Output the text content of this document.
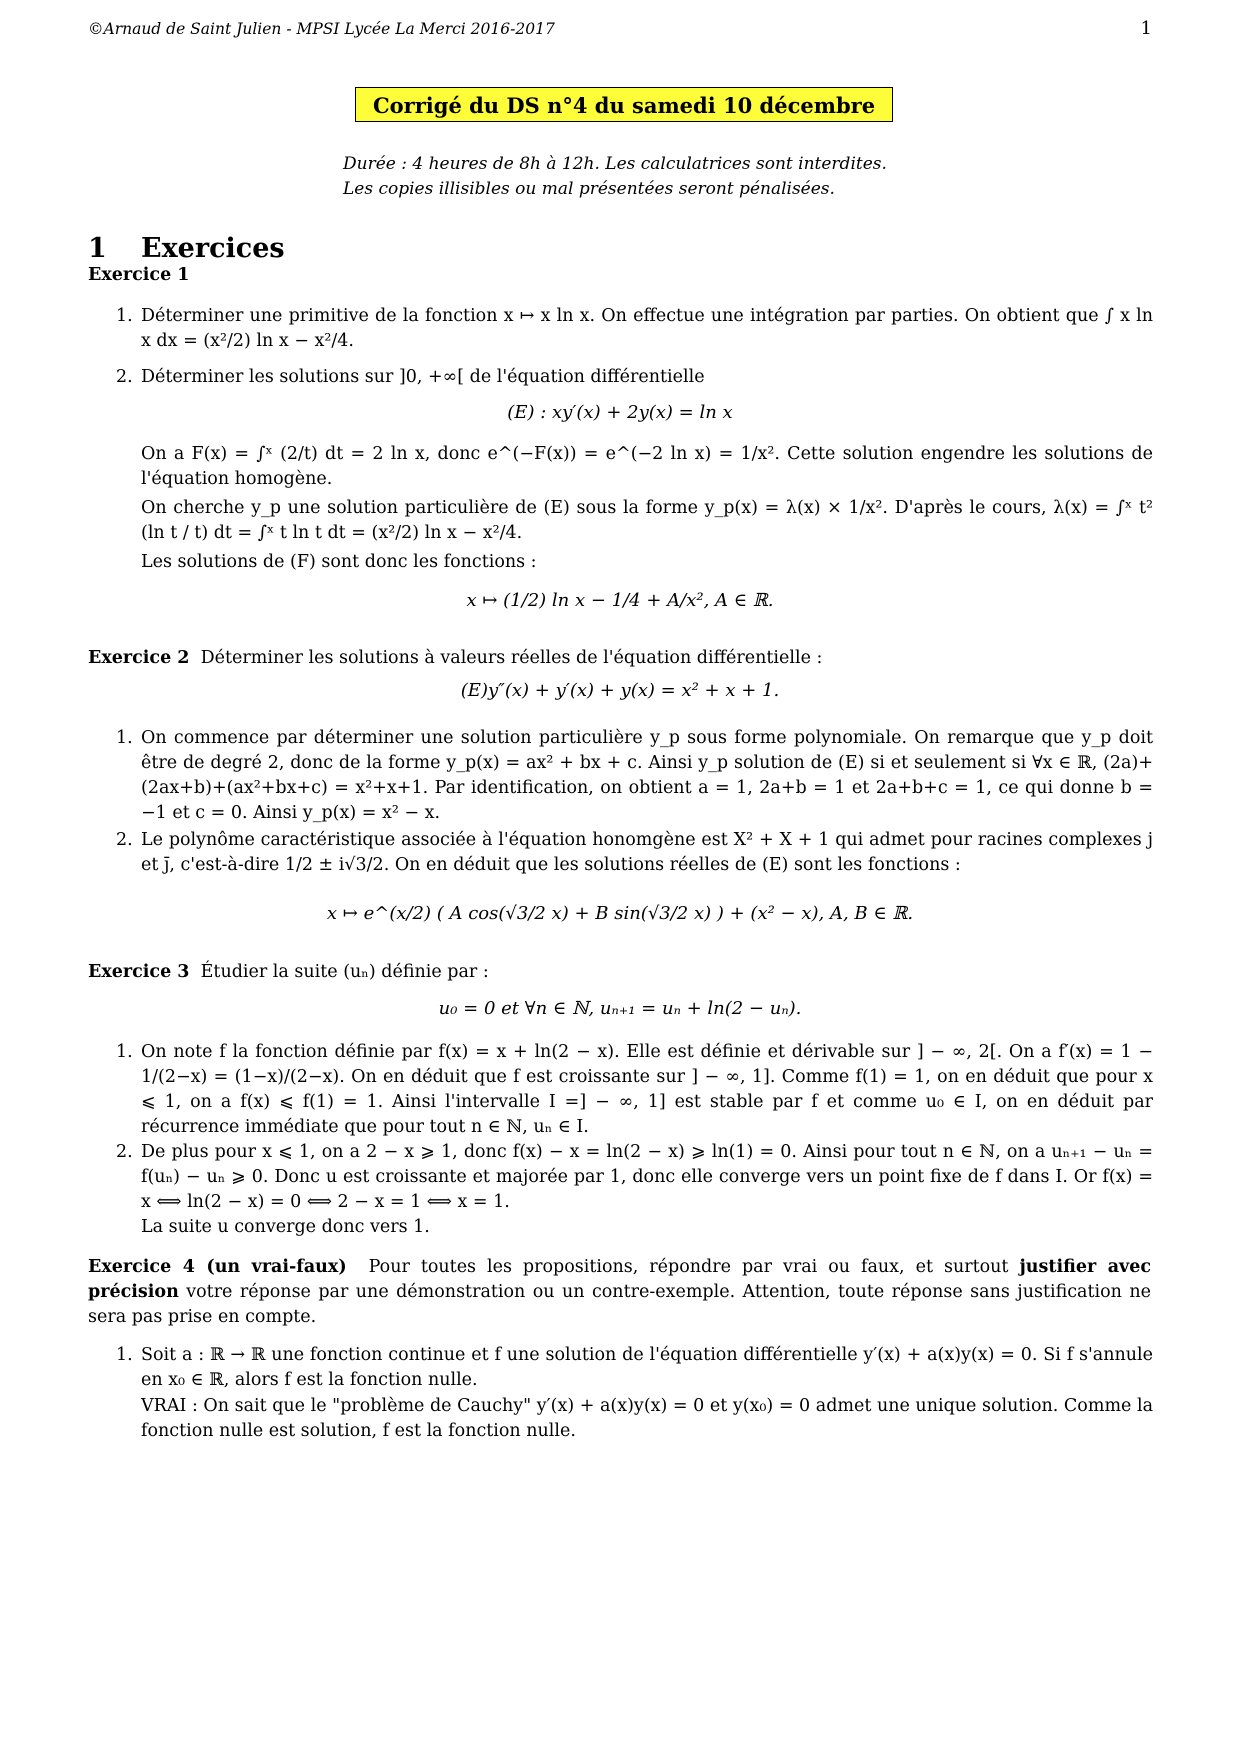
©Arnaud de Saint Julien - MPSI Lycée La Merci 2016-2017	1
Corrigé du DS n°4 du samedi 10 décembre
Durée : 4 heures de 8h à 12h. Les calculatrices sont interdites.
Les copies illisibles ou mal présentées seront pénalisées.
1 Exercices
Exercice 1
1. Déterminer une primitive de la fonction x ↦ x ln x. On effectue une intégration par parties. On obtient que ∫ x ln x dx = (x²/2) ln x − x²/4.
2. Déterminer les solutions sur ]0, +∞[ de l'équation différentielle
(E) : xy′(x) + 2y(x) = ln x
On a F(x) = ∫ˣ (2/t) dt = 2 ln x, donc e^(−F(x)) = e^(−2 ln x) = 1/x². Cette solution engendre les solutions de l'équation homogène.
On cherche y_p une solution particulière de (E) sous la forme y_p(x) = λ(x) × 1/x². D'après le cours, λ(x) = ∫ˣ t² (ln t / t) dt = ∫ˣ t ln t dt = (x²/2) ln x − x²/4.
Les solutions de (F) sont donc les fonctions :
x ↦ (1/2) ln x − 1/4 + A/x², A ∈ ℝ.
Exercice 2 Déterminer les solutions à valeurs réelles de l'équation différentielle :
(E)y″(x) + y′(x) + y(x) = x² + x + 1.
1. On commence par déterminer une solution particulière y_p sous forme polynomiale. On remarque que y_p doit être de degré 2, donc de la forme y_p(x) = ax² + bx + c. Ainsi y_p solution de (E) si et seulement si ∀x ∈ ℝ, (2a)+(2ax+b)+(ax²+bx+c) = x²+x+1. Par identification, on obtient a = 1, 2a+b = 1 et 2a+b+c = 1, ce qui donne b = −1 et c = 0. Ainsi y_p(x) = x² − x.
2. Le polynôme caractéristique associée à l'équation honomgène est X² + X + 1 qui admet pour racines complexes j et j̄, c'est-à-dire 1/2 ± i√3/2. On en déduit que les solutions réelles de (E) sont les fonctions :
x ↦ e^(x/2) ( A cos(√3/2 x) + B sin(√3/2 x) ) + (x² − x), A, B ∈ ℝ.
Exercice 3 Étudier la suite (uₙ) définie par :
u₀ = 0 et ∀n ∈ ℕ, uₙ₊₁ = uₙ + ln(2 − uₙ).
1. On note f la fonction définie par f(x) = x + ln(2 − x). Elle est définie et dérivable sur ] − ∞, 2[. On a f′(x) = 1 − 1/(2−x) = (1−x)/(2−x). On en déduit que f est croissante sur ] − ∞, 1]. Comme f(1) = 1, on en déduit que pour x ⩽ 1, on a f(x) ⩽ f(1) = 1. Ainsi l'intervalle I =] − ∞, 1] est stable par f et comme u₀ ∈ I, on en déduit par récurrence immédiate que pour tout n ∈ ℕ, uₙ ∈ I.
2. De plus pour x ⩽ 1, on a 2 − x ⩾ 1, donc f(x) − x = ln(2 − x) ⩾ ln(1) = 0. Ainsi pour tout n ∈ ℕ, on a uₙ₊₁ − uₙ = f(uₙ) − uₙ ⩾ 0. Donc u est croissante et majorée par 1, donc elle converge vers un point fixe de f dans I. Or f(x) = x ⟺ ln(2 − x) = 0 ⟺ 2 − x = 1 ⟺ x = 1.
La suite u converge donc vers 1.
Exercice 4 (un vrai-faux) Pour toutes les propositions, répondre par vrai ou faux, et surtout justifier avec précision votre réponse par une démonstration ou un contre-exemple. Attention, toute réponse sans justification ne sera pas prise en compte.
1. Soit a : ℝ → ℝ une fonction continue et f une solution de l'équation différentielle y′(x) + a(x)y(x) = 0. Si f s'annule en x₀ ∈ ℝ, alors f est la fonction nulle.
VRAI : On sait que le "problème de Cauchy" y′(x) + a(x)y(x) = 0 et y(x₀) = 0 admet une unique solution. Comme la fonction nulle est solution, f est la fonction nulle.
